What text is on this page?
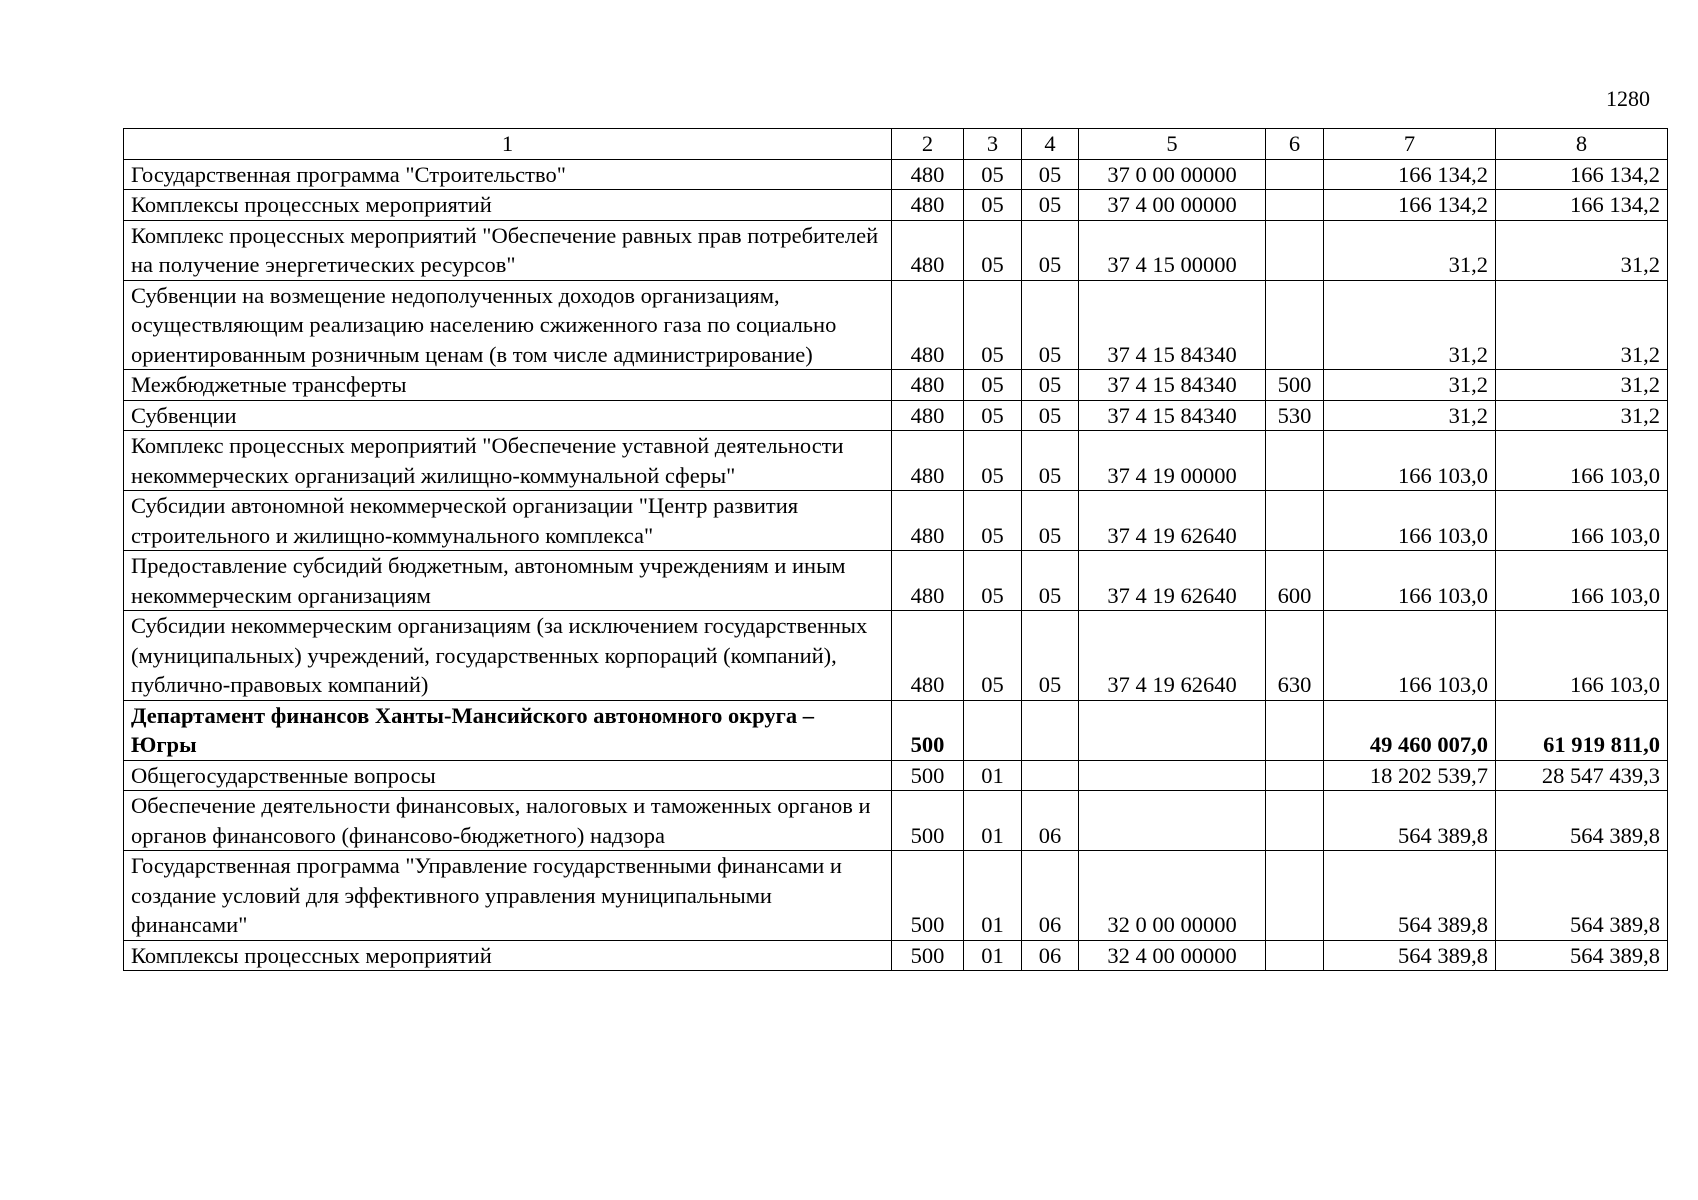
1280
1	2	3	4	5	6	7	8
Государственная программа "Строительство"	480	05	05	37 0 00 00000		166 134,2	166 134,2
Комплексы процессных мероприятий	480	05	05	37 4 00 00000		166 134,2	166 134,2
Комплекс процессных мероприятий "Обеспечение равных прав потребителей на получение энергетических ресурсов"	480	05	05	37 4 15 00000		31,2	31,2
Субвенции на возмещение недополученных доходов организациям, осуществляющим реализацию населению сжиженного газа по социально ориентированным розничным ценам (в том числе администрирование)	480	05	05	37 4 15 84340		31,2	31,2
Межбюджетные трансферты	480	05	05	37 4 15 84340	500	31,2	31,2
Субвенции	480	05	05	37 4 15 84340	530	31,2	31,2
Комплекс процессных мероприятий "Обеспечение уставной деятельности некоммерческих организаций жилищно-коммунальной сферы"	480	05	05	37 4 19 00000		166 103,0	166 103,0
Субсидии автономной некоммерческой организации "Центр развития строительного и жилищно-коммунального комплекса"	480	05	05	37 4 19 62640		166 103,0	166 103,0
Предоставление субсидий бюджетным, автономным учреждениям и иным некоммерческим организациям	480	05	05	37 4 19 62640	600	166 103,0	166 103,0
Субсидии некоммерческим организациям (за исключением государственных (муниципальных) учреждений, государственных корпораций (компаний), публично-правовых компаний)	480	05	05	37 4 19 62640	630	166 103,0	166 103,0
Департамент финансов Ханты-Мансийского автономного округа – Югры	500					49 460 007,0	61 919 811,0
Общегосударственные вопросы	500	01				18 202 539,7	28 547 439,3
Обеспечение деятельности финансовых, налоговых и таможенных органов и органов финансового (финансово-бюджетного) надзора	500	01	06			564 389,8	564 389,8
Государственная программа "Управление государственными финансами и создание условий для эффективного управления муниципальными финансами"	500	01	06	32 0 00 00000		564 389,8	564 389,8
Комплексы процессных мероприятий	500	01	06	32 4 00 00000		564 389,8	564 389,8
